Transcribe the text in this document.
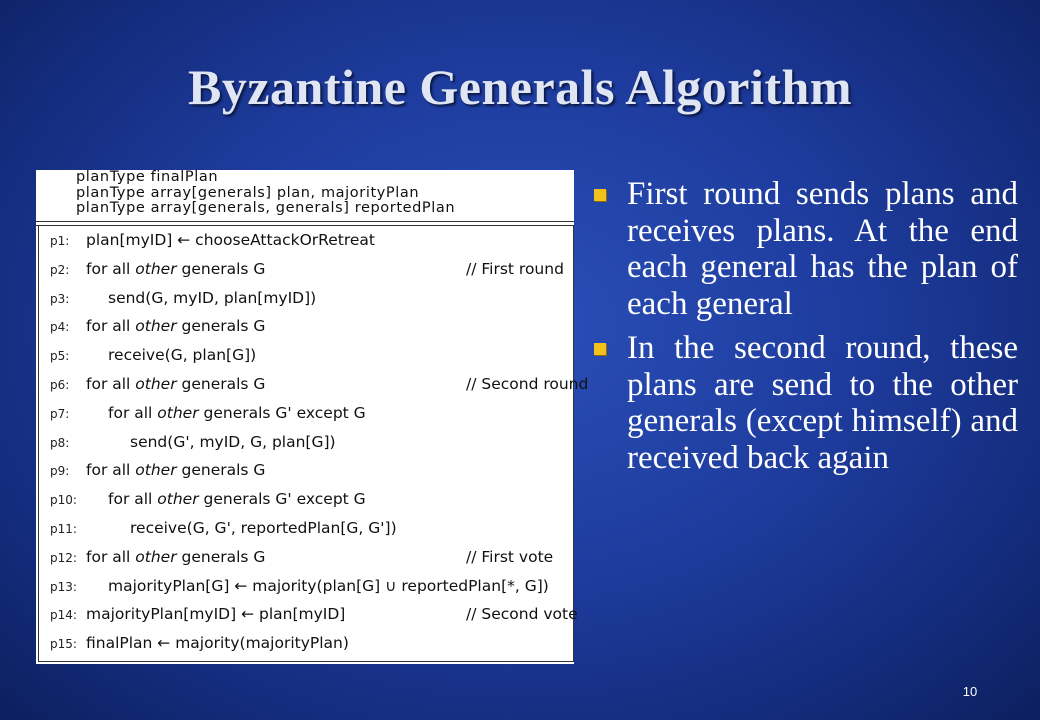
Byzantine Generals Algorithm
planType finalPlan
planType array[generals] plan, majorityPlan
planType array[generals, generals] reportedPlan
p1: plan[myID] ← chooseAttackOrRetreat
p2: for all other generals G	// First round
p3: send(G, myID, plan[myID])
p4: for all other generals G
p5: receive(G, plan[G])
p6: for all other generals G	// Second round
p7: for all other generals G' except G
p8:	send(G', myID, G, plan[G])
p9: for all other generals G
p10: for all other generals G' except G
p11:	receive(G, G', reportedPlan[G, G'])
p12: for all other generals G	// First vote
p13: majorityPlan[G] ← majority(plan[G] ∪ reportedPlan[*, G])
p14: majorityPlan[myID] ← plan[myID]	// Second vote
p15: finalPlan ← majority(majorityPlan)
First round sends plans and receives plans. At the end each general has the plan of each general
In the second round, these plans are send to the other generals (except himself) and received back again
10
